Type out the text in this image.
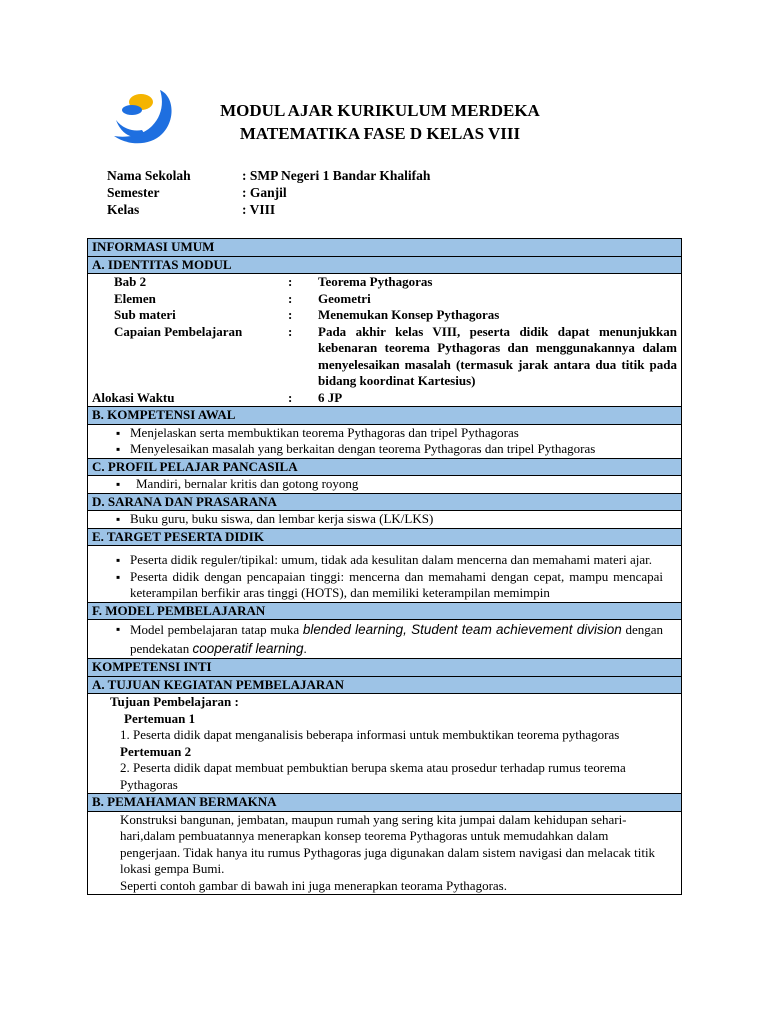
MODUL AJAR KURIKULUM MERDEKA
MATEMATIKA FASE D KELAS VIII
Nama Sekolah	: SMP Negeri 1 Bandar Khalifah
Semester	: Ganjil
Kelas	: VIII
INFORMASI UMUM
A. IDENTITAS MODUL

Bab 2	:	Teorema Pythagoras
Elemen	:	Geometri
Sub materi	:	Menemukan Konsep Pythagoras
Capaian Pembelajaran	:	Pada akhir kelas VIII, peserta didik dapat menunjukkan kebenaran teorema Pythagoras dan menggunakannya dalam menyelesaikan masalah (termasuk jarak antara dua titik pada bidang koordinat Kartesius)
Alokasi Waktu	:	6 JP

B. KOMPETENSI AWAL

▪ Menjelaskan serta membuktikan teorema Pythagoras dan tripel Pythagoras
▪ Menyelesaikan masalah yang berkaitan dengan teorema Pythagoras dan tripel Pythagoras

C. PROFIL PELAJAR PANCASILA

▪ Mandiri, bernalar kritis dan gotong royong

D. SARANA DAN PRASARANA

▪ Buku guru, buku siswa, dan lembar kerja siswa (LK/LKS)

E. TARGET PESERTA DIDIK

▪ Peserta didik reguler/tipikal: umum, tidak ada kesulitan dalam mencerna dan memahami materi ajar.
▪ Peserta didik dengan pencapaian tinggi: mencerna dan memahami dengan cepat, mampu mencapai keterampilan berfikir aras tinggi (HOTS), dan memiliki keterampilan memimpin

F. MODEL PEMBELAJARAN

▪ Model pembelajaran tatap muka blended learning, Student team achievement division dengan pendekatan cooperatif learning.

KOMPETENSI INTI
A. TUJUAN KEGIATAN PEMBELAJARAN

Tujuan Pembelajaran :
Pertemuan 1
1. Peserta didik dapat menganalisis beberapa informasi untuk membuktikan teorema pythagoras
Pertemuan 2
2. Peserta didik dapat membuat pembuktian berupa skema atau prosedur terhadap rumus teorema Pythagoras

B. PEMAHAMAN BERMAKNA

Konstruksi bangunan, jembatan, maupun rumah yang sering kita jumpai dalam kehidupan sehari-hari,dalam pembuatannya menerapkan konsep teorema Pythagoras untuk memudahkan dalam pengerjaan. Tidak hanya itu rumus Pythagoras juga digunakan dalam sistem navigasi dan melacak titik lokasi gempa Bumi.
Seperti contoh gambar di bawah ini juga menerapkan teorama Pythagoras.
